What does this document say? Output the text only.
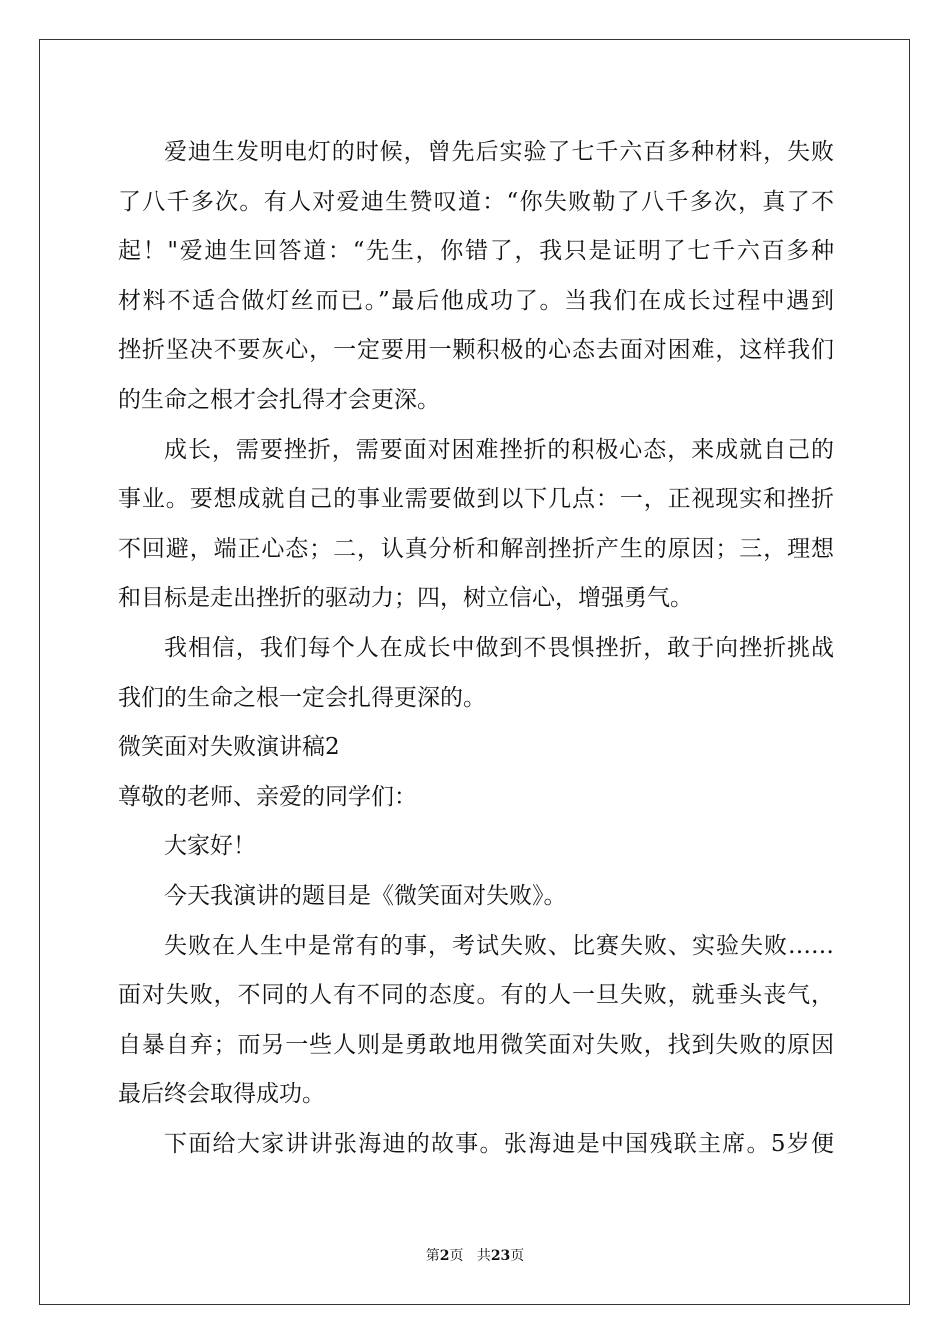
爱迪生发明电灯的时候，曾先后实验了七千六百多种材料，失败
了八千多次。有人对爱迪生赞叹道：“你失败勒了八千多次，真了不
起！"爱迪生回答道：“先生，你错了，我只是证明了七千六百多种
材料不适合做灯丝而已。”最后他成功了。当我们在成长过程中遇到
挫折坚决不要灰心，一定要用一颗积极的心态去面对困难，这样我们
的生命之根才会扎得才会更深。
成长，需要挫折，需要面对困难挫折的积极心态，来成就自己的
事业。要想成就自己的事业需要做到以下几点：一，正视现实和挫折
不回避，端正心态；二，认真分析和解剖挫折产生的原因；三，理想
和目标是走出挫折的驱动力；四，树立信心，增强勇气。
我相信，我们每个人在成长中做到不畏惧挫折，敢于向挫折挑战
我们的生命之根一定会扎得更深的。
微笑面对失败演讲稿2
尊敬的老师、亲爱的同学们：
大家好！
今天我演讲的题目是《微笑面对失败》。
失败在人生中是常有的事，考试失败、比赛失败、实验失败……
面对失败，不同的人有不同的态度。有的人一旦失败，就垂头丧气，
自暴自弃；而另一些人则是勇敢地用微笑面对失败，找到失败的原因
最后终会取得成功。
下面给大家讲讲张海迪的故事。张海迪是中国残联主席。5岁便
第2页 共23页
